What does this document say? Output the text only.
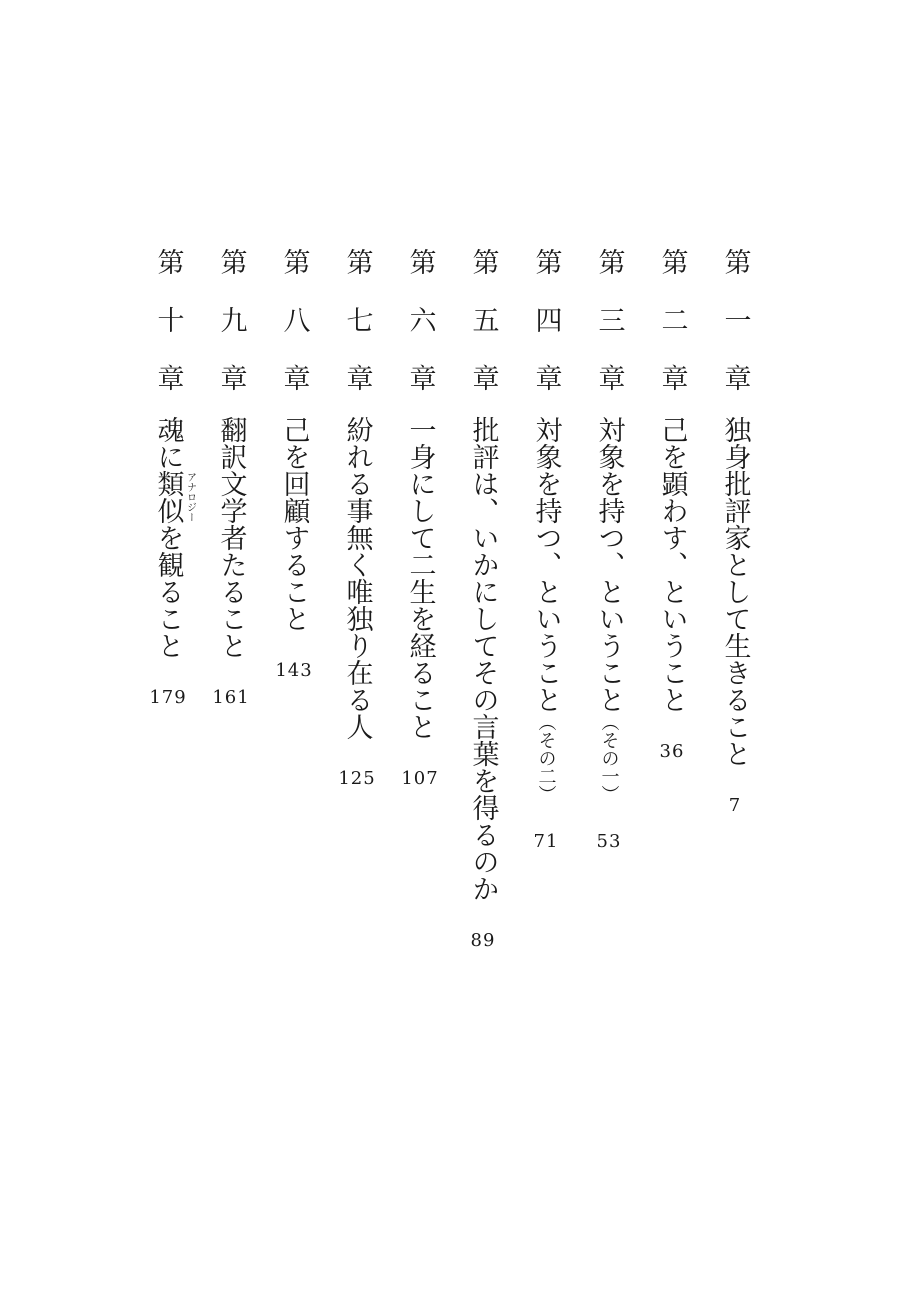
第一章
独身批評家として生きること
7
第二章
己を顕わす、ということ
36
第三章
対象を持つ、ということ（その一）
53
第四章
対象を持つ、ということ（その二）
71
第五章
批評は、いかにしてその言葉を得るのか
89
第六章
一身にして二生を経ること
107
第七章
紛れる事無く唯独り在る人
125
第八章
己を回顧すること
143
第九章
翻訳文学者たること
161
第十章
魂に類似を観ること アナロジー
179
